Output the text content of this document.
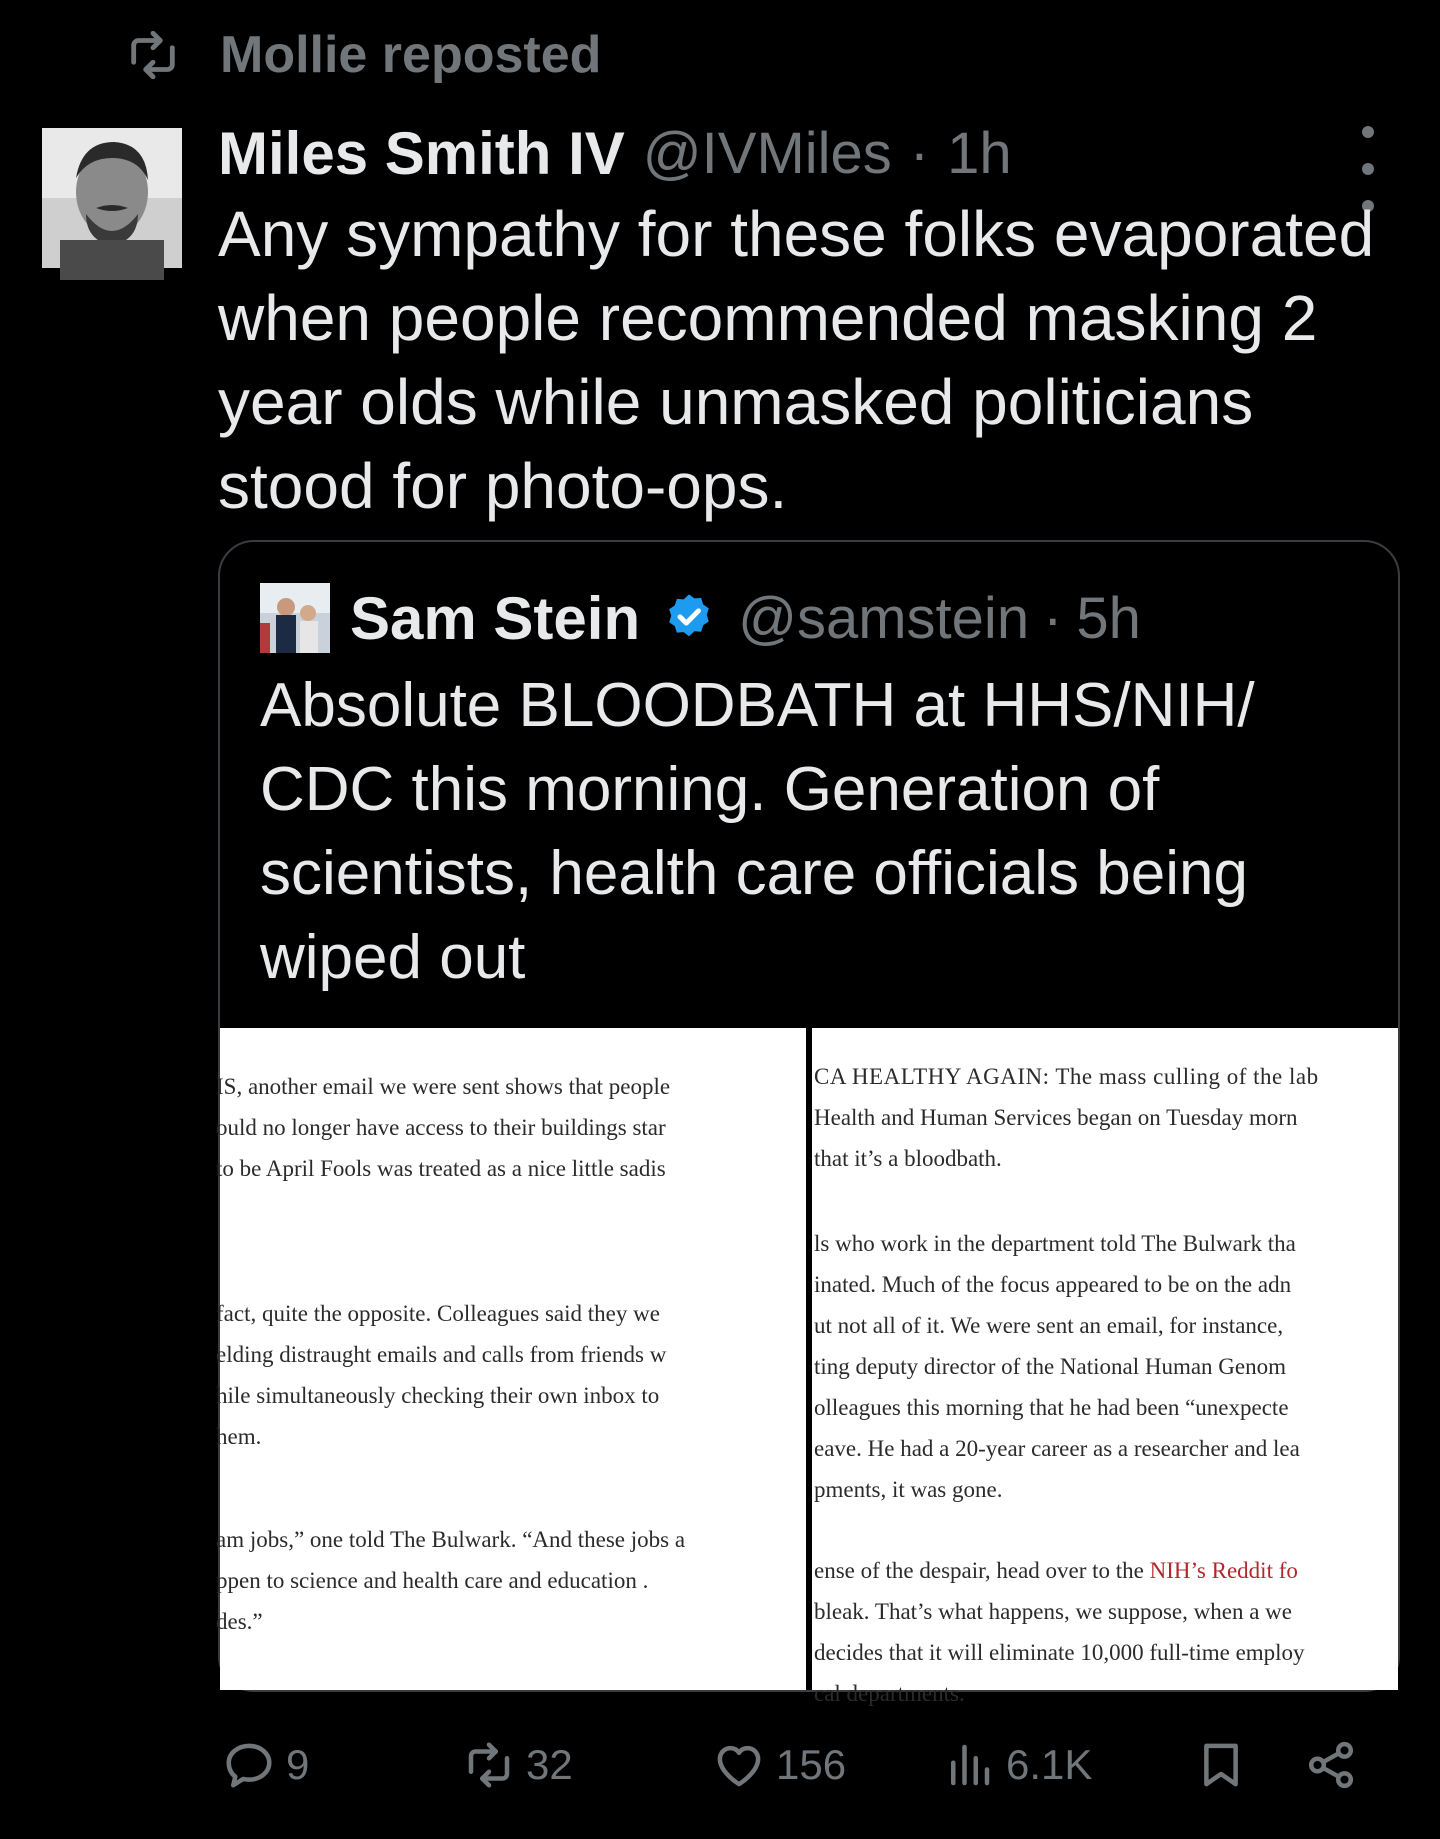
Mollie reposted
Miles Smith IV @IVMiles · 1h
Any sympathy for these folks evaporated
when people recommended masking 2
year olds while unmasked politicians
stood for photo-ops.
Sam Stein @samstein · 5h
Absolute BLOODBATH at HHS/NIH/
CDC this morning. Generation of
scientists, health care officials being
wiped out

IS, another email we were sent shows that people

ould no longer have access to their buildings star

to be April Fools was treated as a nice little sadis

fact, quite the opposite. Colleagues said they we

elding distraught emails and calls from friends w

hile simultaneously checking their own inbox to

hem.

am jobs,” one told The Bulwark. “And these jobs a

ppen to science and health care and education .

des.”

CA HEALTHY AGAIN: The mass culling of the lab

Health and Human Services began on Tuesday morn

that it’s a bloodbath.

ls who work in the department told The Bulwark tha

inated. Much of the focus appeared to be on the adn

ut not all of it. We were sent an email, for instance,

ting deputy director of the National Human Genom

olleagues this morning that he had been “unexpecte

eave. He had a 20-year career as a researcher and lea

pments, it was gone.

ense of the despair, head over to the NIH’s Reddit fo

bleak. That’s what happens, we suppose, when a we

decides that it will eliminate 10,000 full-time employ

cal departments.

9	32	156	6.1K
